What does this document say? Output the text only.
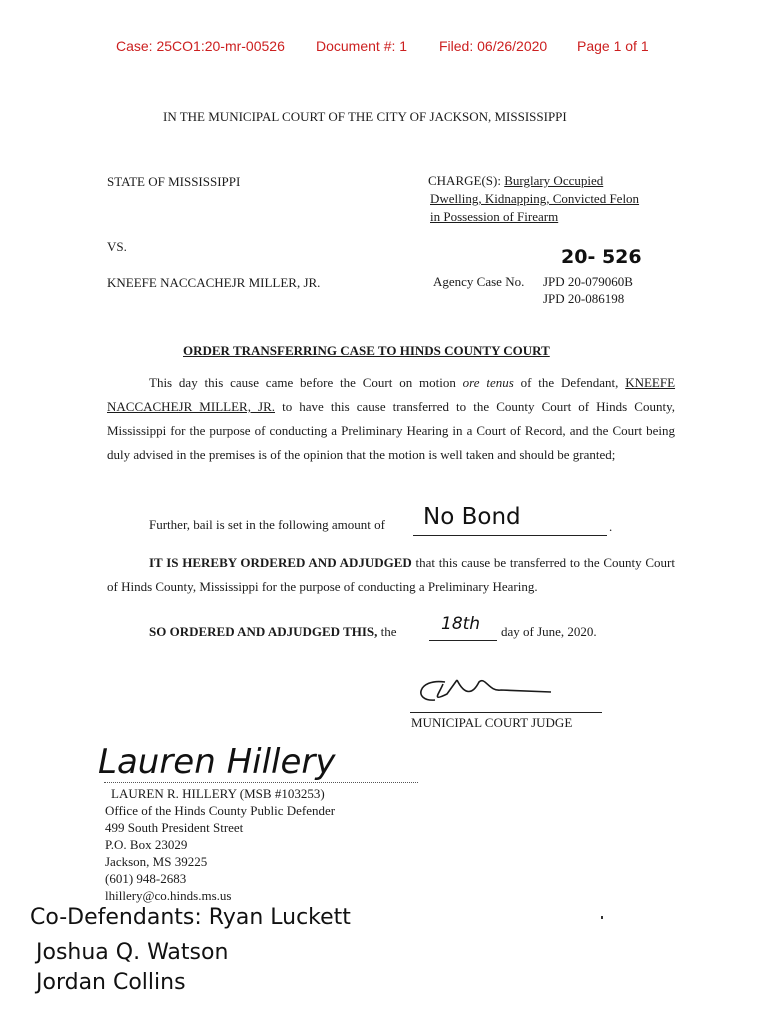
Case: 25CO1:20-mr-00526 Document #: 1 Filed: 06/26/2020 Page 1 of 1
IN THE MUNICIPAL COURT OF THE CITY OF JACKSON, MISSISSIPPI
STATE OF MISSISSIPPI
VS.
KNEEFE NACCACHEJR MILLER, JR.
CHARGE(S): Burglary Occupied
Dwelling, Kidnapping, Convicted Felon
in Possession of Firearm
20- 526
Agency Case No. JPD 20-079060B
JPD 20-086198
ORDER TRANSFERRING CASE TO HINDS COUNTY COURT
This day this cause came before the Court on motion ore tenus of the Defendant, KNEEFE NACCACHEJR MILLER, JR. to have this cause transferred to the County Court of Hinds County, Mississippi for the purpose of conducting a Preliminary Hearing in a Court of Record, and the Court being duly advised in the premises is of the opinion that the motion is well taken and should be granted;
Further, bail is set in the following amount of No Bond	.
IT IS HEREBY ORDERED AND ADJUDGED that this cause be transferred to the County Court of Hinds County, Mississippi for the purpose of conducting a Preliminary Hearing.
SO ORDERED AND ADJUDGED THIS, the	18th day of June, 2020.
MUNICIPAL COURT JUDGE
Lauren Hillery
LAUREN R. HILLERY (MSB #103253)
Office of the Hinds County Public Defender
499 South President Street
P.O. Box 23029
Jackson, MS 39225
(601) 948-2683
lhillery@co.hinds.ms.us
Co-Defendants: Ryan Luckett
Joshua Q. Watson
Jordan Collins
